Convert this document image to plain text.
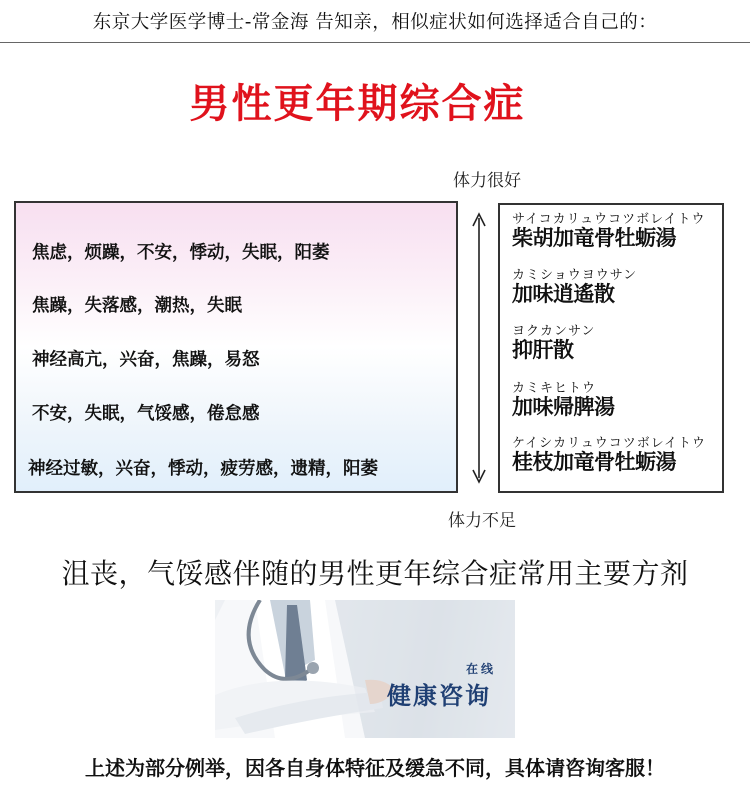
东京大学医学博士-常金海 告知亲，相似症状如何选择适合自己的：
男性更年期综合症
体力很好
焦虑，烦躁，不安，悸动，失眠，阳萎
焦躁，失落感，潮热，失眠
神经高亢，兴奋，焦躁，易怒
不安，失眠，气馁感，倦怠感
神经过敏，兴奋，悸动，疲劳感，遗精，阳萎
サイコカリュウコツボレイトウ
柴胡加竜骨牡蛎湯
カミショウヨウサン
加味逍遙散
ヨクカンサン
抑肝散
カミキヒトウ
加味帰脾湯
ケイシカリュウコツボレイトウ
桂枝加竜骨牡蛎湯
体力不足
沮丧，气馁感伴随的男性更年综合症常用主要方剂
在线
健康咨询
上述为部分例举，因各自身体特征及缓急不同，具体请咨询客服！
